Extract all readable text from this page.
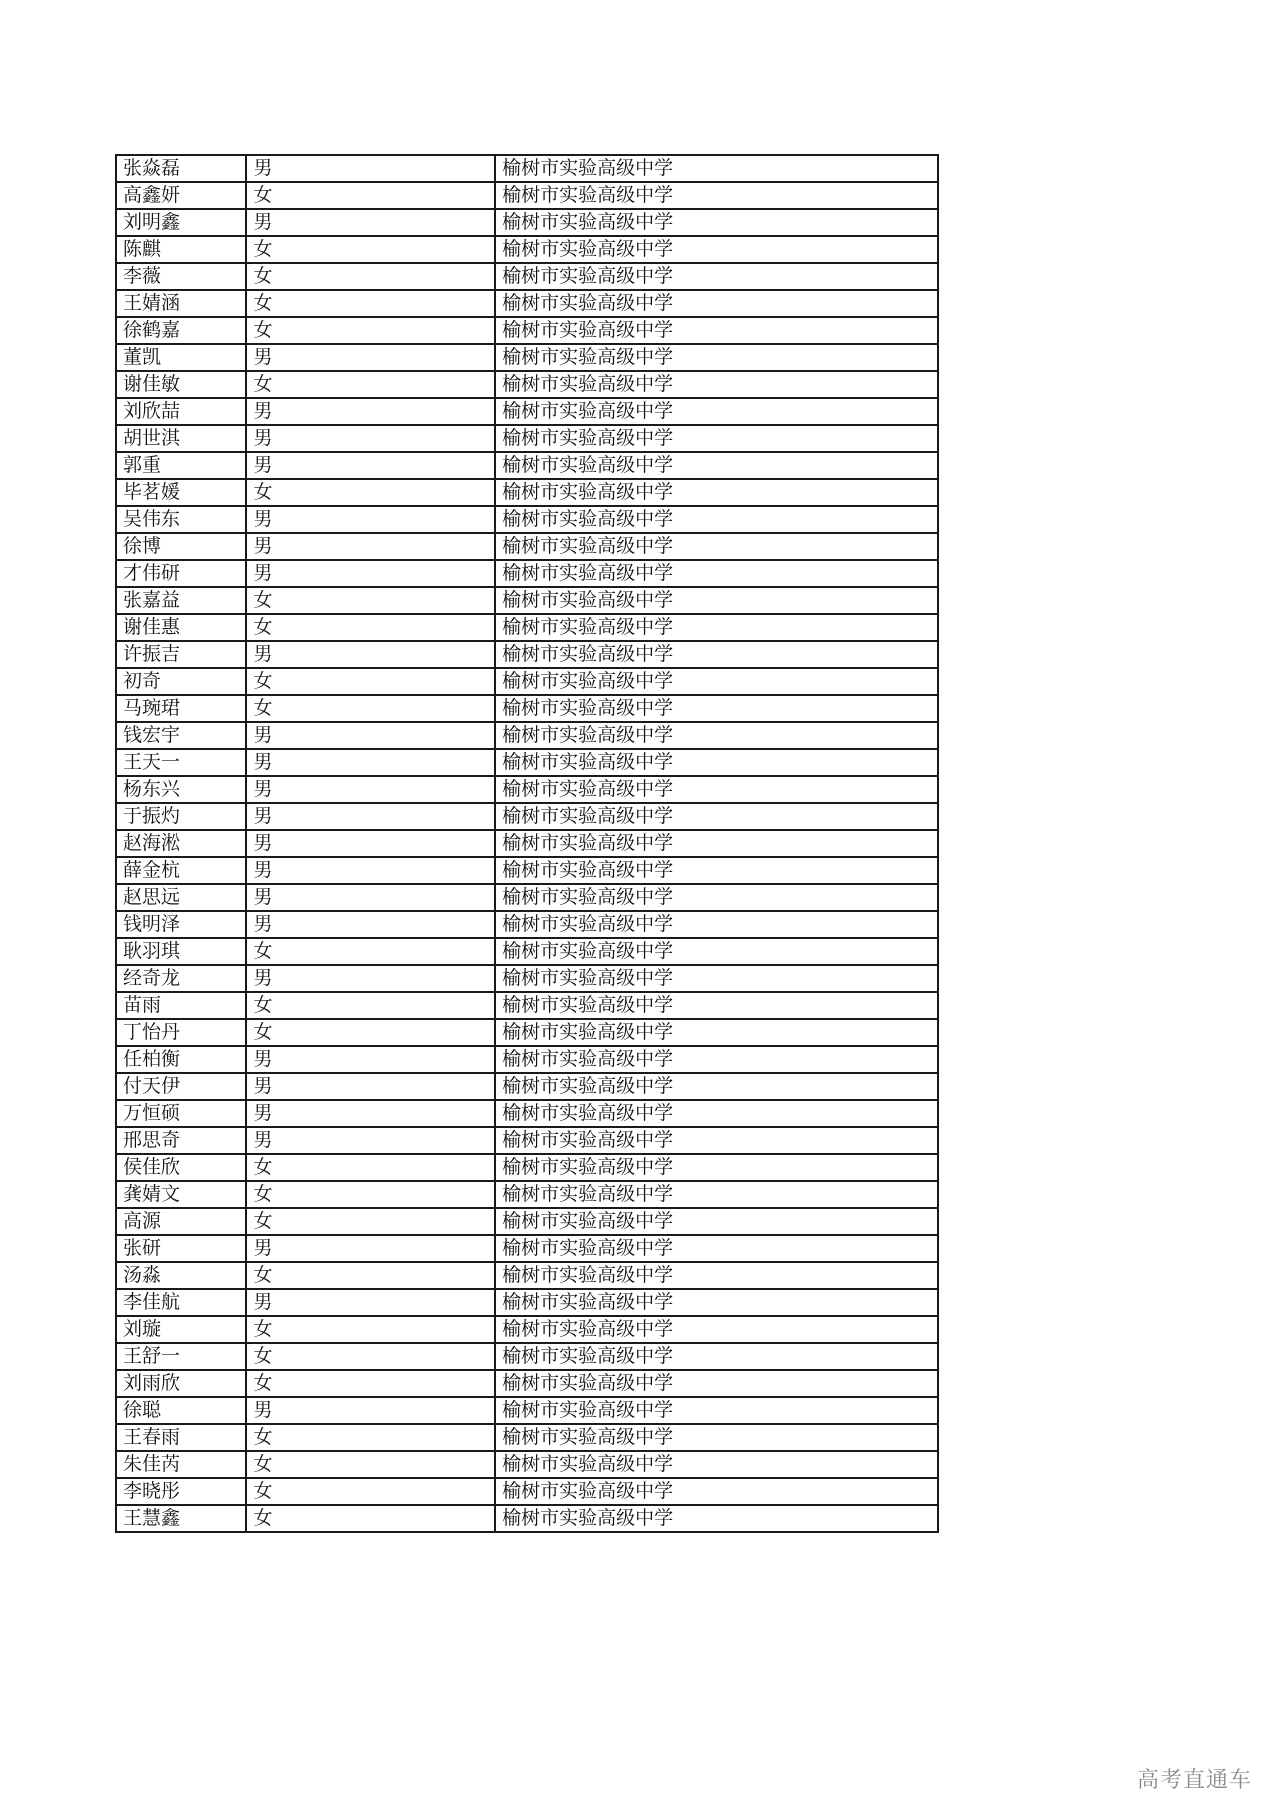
张焱磊	男	榆树市实验高级中学
高鑫妍	女	榆树市实验高级中学
刘明鑫	男	榆树市实验高级中学
陈麒	女	榆树市实验高级中学
李薇	女	榆树市实验高级中学
王婧涵	女	榆树市实验高级中学
徐鹤嘉	女	榆树市实验高级中学
董凯	男	榆树市实验高级中学
谢佳敏	女	榆树市实验高级中学
刘欣喆	男	榆树市实验高级中学
胡世淇	男	榆树市实验高级中学
郭重	男	榆树市实验高级中学
毕茗媛	女	榆树市实验高级中学
吴伟东	男	榆树市实验高级中学
徐博	男	榆树市实验高级中学
才伟研	男	榆树市实验高级中学
张嘉益	女	榆树市实验高级中学
谢佳惠	女	榆树市实验高级中学
许振吉	男	榆树市实验高级中学
初奇	女	榆树市实验高级中学
马琬珺	女	榆树市实验高级中学
钱宏宇	男	榆树市实验高级中学
王天一	男	榆树市实验高级中学
杨东兴	男	榆树市实验高级中学
于振灼	男	榆树市实验高级中学
赵海淞	男	榆树市实验高级中学
薛金杭	男	榆树市实验高级中学
赵思远	男	榆树市实验高级中学
钱明泽	男	榆树市实验高级中学
耿羽琪	女	榆树市实验高级中学
经奇龙	男	榆树市实验高级中学
苗雨	女	榆树市实验高级中学
丁怡丹	女	榆树市实验高级中学
任柏衡	男	榆树市实验高级中学
付天伊	男	榆树市实验高级中学
万恒硕	男	榆树市实验高级中学
邢思奇	男	榆树市实验高级中学
侯佳欣	女	榆树市实验高级中学
龚婧文	女	榆树市实验高级中学
高源	女	榆树市实验高级中学
张研	男	榆树市实验高级中学
汤淼	女	榆树市实验高级中学
李佳航	男	榆树市实验高级中学
刘璇	女	榆树市实验高级中学
王舒一	女	榆树市实验高级中学
刘雨欣	女	榆树市实验高级中学
徐聪	男	榆树市实验高级中学
王春雨	女	榆树市实验高级中学
朱佳芮	女	榆树市实验高级中学
李晓彤	女	榆树市实验高级中学
王慧鑫	女	榆树市实验高级中学
高考直通车
